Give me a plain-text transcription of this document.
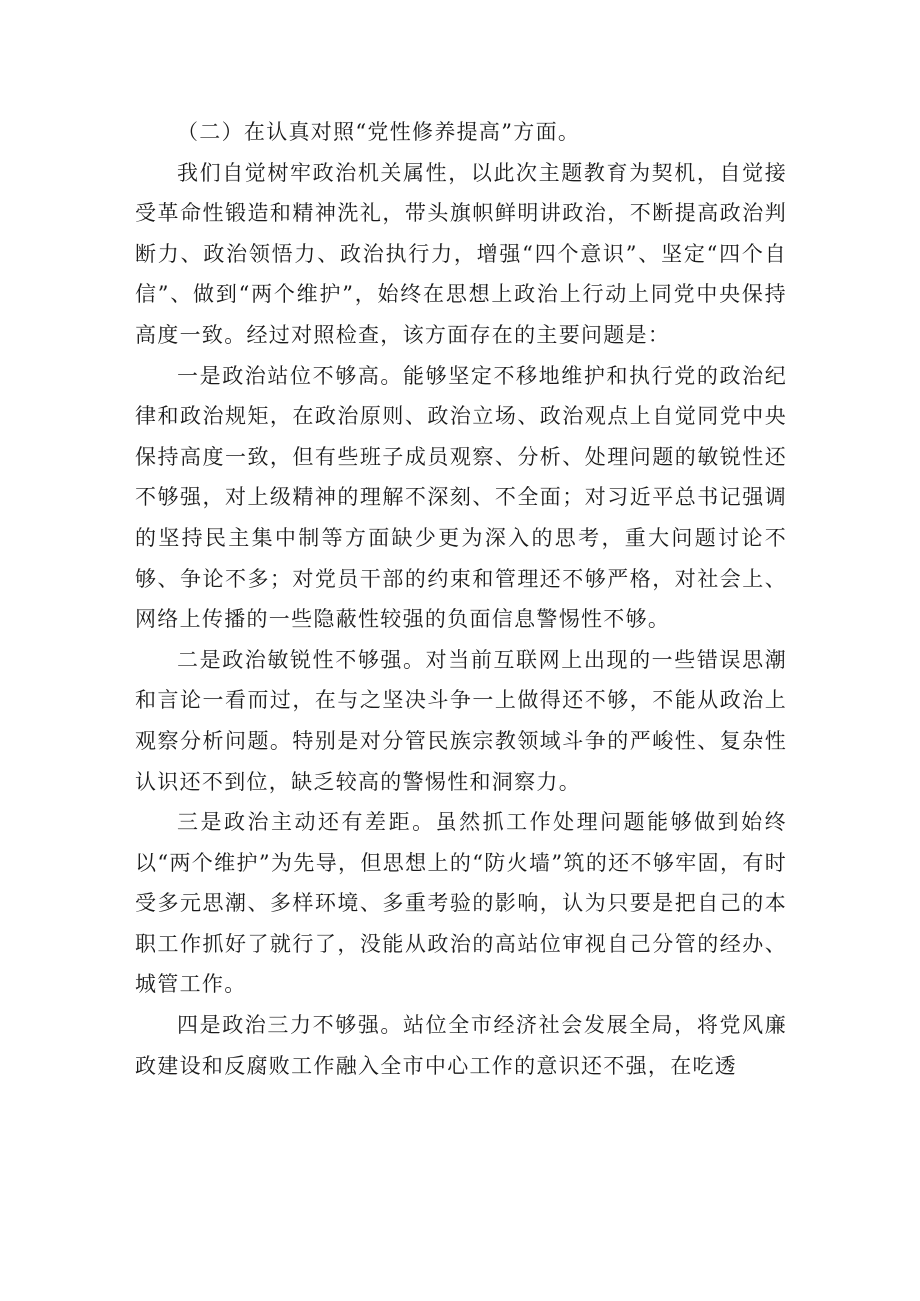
（二）在认真对照“党性修养提高”方面。

我们自觉树牢政治机关属性，以此次主题教育为契机，自觉接受革命性锻造和精神洗礼，带头旗帜鲜明讲政治，不断提高政治判断力、政治领悟力、政治执行力，增强“四个意识”、坚定“四个自信”、做到“两个维护”，始终在思想上政治上行动上同党中央保持高度一致。经过对照检查，该方面存在的主要问题是：

一是政治站位不够高。能够坚定不移地维护和执行党的政治纪律和政治规矩，在政治原则、政治立场、政治观点上自觉同党中央保持高度一致，但有些班子成员观察、分析、处理问题的敏锐性还不够强，对上级精神的理解不深刻、不全面；对习近平总书记强调的坚持民主集中制等方面缺少更为深入的思考，重大问题讨论不够、争论不多；对党员干部的约束和管理还不够严格，对社会上、网络上传播的一些隐蔽性较强的负面信息警惕性不够。

二是政治敏锐性不够强。对当前互联网上出现的一些错误思潮和言论一看而过，在与之坚决斗争一上做得还不够，不能从政治上观察分析问题。特别是对分管民族宗教领域斗争的严峻性、复杂性认识还不到位，缺乏较高的警惕性和洞察力。

三是政治主动还有差距。虽然抓工作处理问题能够做到始终以“两个维护”为先导，但思想上的“防火墙”筑的还不够牢固，有时受多元思潮、多样环境、多重考验的影响，认为只要是把自己的本职工作抓好了就行了，没能从政治的高站位审视自己分管的经办、城管工作。

四是政治三力不够强。站位全市经济社会发展全局，将党风廉政建设和反腐败工作融入全市中心工作的意识还不强，在吃透
